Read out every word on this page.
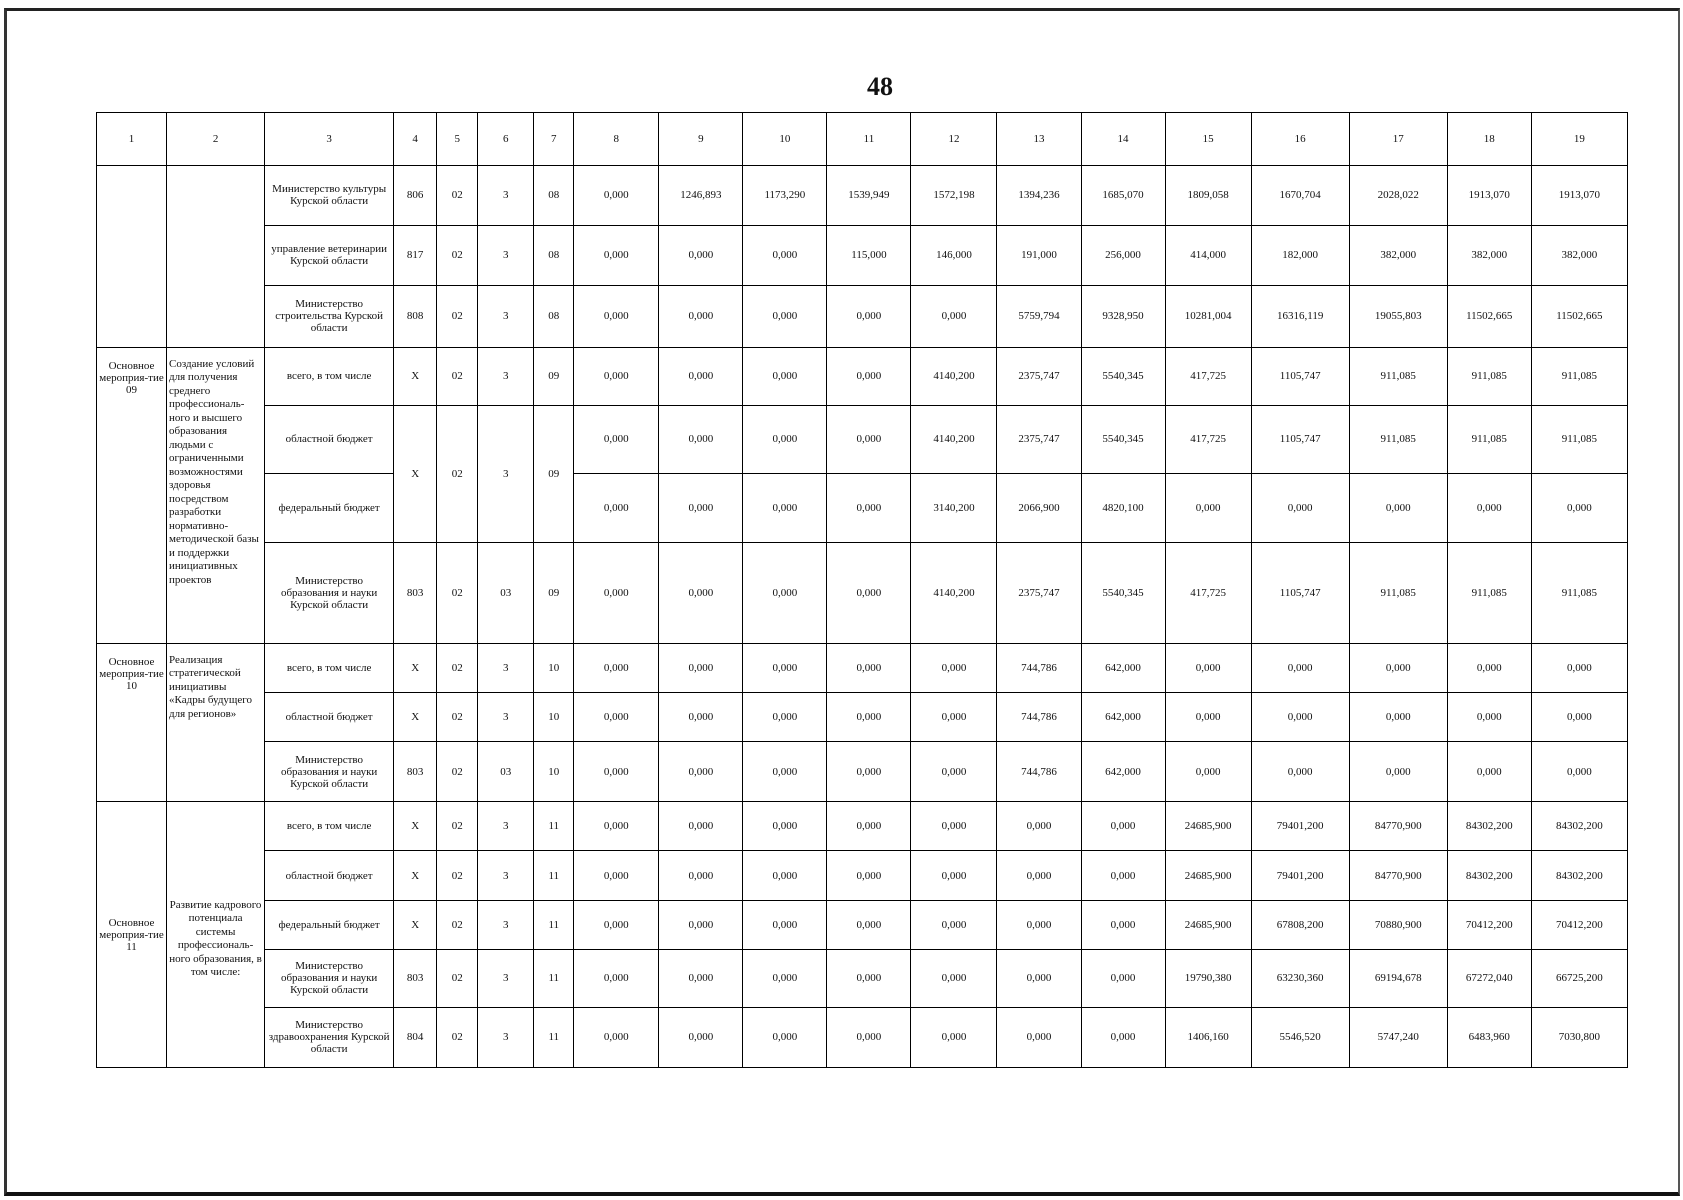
48
1	2	3	4	5	6	7	8	9	10	11	12	13	14	15	16	17	18	19
		Министерство культуры Курской области	806	02	3	08	0,000	1246,893	1173,290	1539,949	1572,198	1394,236	1685,070	1809,058	1670,704	2028,022	1913,070	1913,070
		управление ветеринарии Курской области	817	02	3	08	0,000	0,000	0,000	115,000	146,000	191,000	256,000	414,000	182,000	382,000	382,000	382,000
		Министерство строительства Курской области	808	02	3	08	0,000	0,000	0,000	0,000	0,000	5759,794	9328,950	10281,004	16316,119	19055,803	11502,665	11502,665
Основное мероприя-тие 09	Создание условий для получения среднего профессиональ-ного и высшего образования людьми с ограниченными возможностями здоровья посредством разработки нормативно-методической базы и поддержки инициативных проектов	всего, в том числе	X	02	3	09	0,000	0,000	0,000	0,000	4140,200	2375,747	5540,345	417,725	1105,747	911,085	911,085	911,085
		областной бюджет	X	02	3	09	0,000	0,000	0,000	0,000	4140,200	2375,747	5540,345	417,725	1105,747	911,085	911,085	911,085
		федеральный бюджет					0,000	0,000	0,000	0,000	3140,200	2066,900	4820,100	0,000	0,000	0,000	0,000	0,000
		Министерство образования и науки Курской области	803	02	03	09	0,000	0,000	0,000	0,000	4140,200	2375,747	5540,345	417,725	1105,747	911,085	911,085	911,085
Основное мероприя-тие 10	Реализация стратегической инициативы «Кадры будущего для регионов»	всего, в том числе	X	02	3	10	0,000	0,000	0,000	0,000	0,000	744,786	642,000	0,000	0,000	0,000	0,000	0,000
		областной бюджет	X	02	3	10	0,000	0,000	0,000	0,000	0,000	744,786	642,000	0,000	0,000	0,000	0,000	0,000
		Министерство образования и науки Курской области	803	02	03	10	0,000	0,000	0,000	0,000	0,000	744,786	642,000	0,000	0,000	0,000	0,000	0,000
Основное мероприя-тие 11	Развитие кадрового потенциала системы профессиональ-ного образования, в том числе:	всего, в том числе	X	02	3	11	0,000	0,000	0,000	0,000	0,000	0,000	0,000	24685,900	79401,200	84770,900	84302,200	84302,200
		областной бюджет	X	02	3	11	0,000	0,000	0,000	0,000	0,000	0,000	0,000	24685,900	79401,200	84770,900	84302,200	84302,200
		федеральный бюджет	X	02	3	11	0,000	0,000	0,000	0,000	0,000	0,000	0,000	24685,900	67808,200	70880,900	70412,200	70412,200
		Министерство образования и науки Курской области	803	02	3	11	0,000	0,000	0,000	0,000	0,000	0,000	0,000	19790,380	63230,360	69194,678	67272,040	66725,200
		Министерство здравоохранения Курской области	804	02	3	11	0,000	0,000	0,000	0,000	0,000	0,000	0,000	1406,160	5546,520	5747,240	6483,960	7030,800
